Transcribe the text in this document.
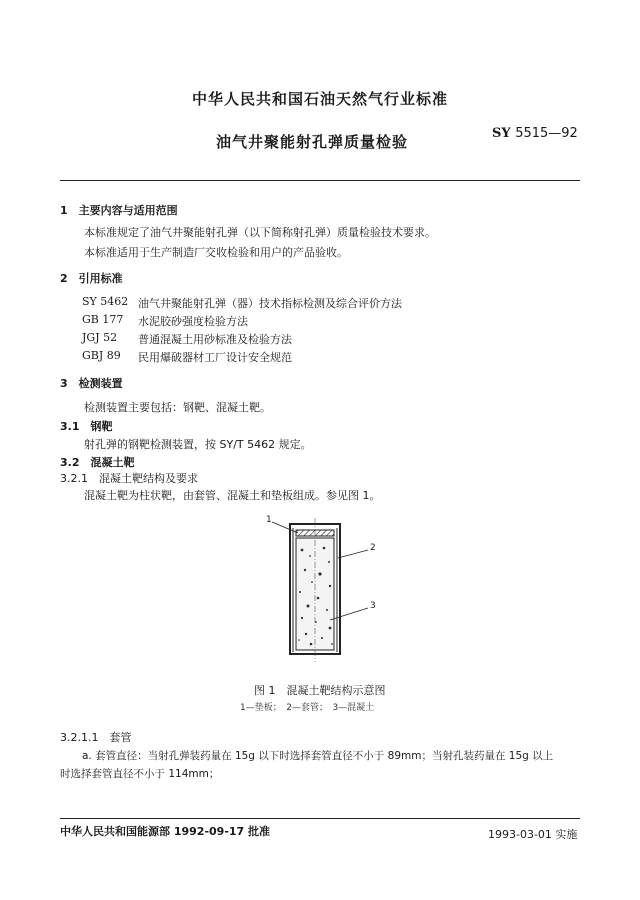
中华人民共和国石油天然气行业标准
油气井聚能射孔弹质量检验	SY 5515—92
1　主要内容与适用范围
本标准规定了油气井聚能射孔弹（以下简称射孔弹）质量检验技术要求。
本标准适用于生产制造厂交收检验和用户的产品验收。
2　引用标准
SY 5462 油气井聚能射孔弹（器）技术指标检测及综合评价方法
GB 177 水泥胶砂强度检验方法
JGJ 52 普通混凝土用砂标准及检验方法
GBJ 89 民用爆破器材工厂设计安全规范
3　检测装置
检测装置主要包括：钢靶、混凝土靶。
3.1　钢靶
射孔弹的钢靶检测装置，按 SY/T 5462 规定。
3.2　混凝土靶
3.2.1　混凝土靶结构及要求
混凝土靶为柱状靶，由套管、混凝土和垫板组成。参见图 1。
1
2
3
图 1　混凝土靶结构示意图
1—垫板；　2—套管；　3—混凝土
3.2.1.1　套管
a. 套管直径：当射孔弹装药量在 15g 以下时选择套管直径不小于 89mm；当射孔装药量在 15g 以上
时选择套管直径不小于 114mm；
中华人民共和国能源部 1992-09-17 批准	1993-03-01 实施
